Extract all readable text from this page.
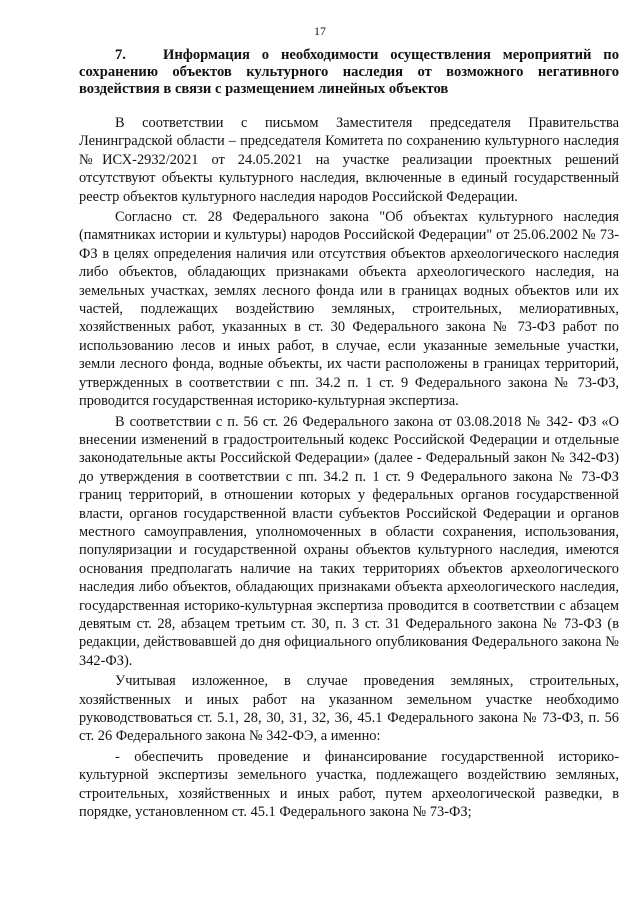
17
7.	Информация о необходимости осуществления мероприятий по сохранению объектов культурного наследия от возможного негативного воздействия в связи с размещением линейных объектов

В соответствии с письмом Заместителя председателя Правительства Ленинградской области – председателя Комитета по сохранению культурного наследия №ИСХ-2932/2021 от 24.05.2021 на участке реализации проектных решений отсутствуют объекты культурного наследия, включенные в единый государственный реестр объектов культурного наследия народов Российской Федерации.

Согласно ст. 28 Федерального закона "Об объектах культурного наследия (памятниках истории и культуры) народов Российской Федерации" от 25.06.2002 № 73-ФЗ в целях определения наличия или отсутствия объектов археологического наследия либо объектов, обладающих признаками объекта археологического наследия, на земельных участках, землях лесного фонда или в границах водных объектов или их частей, подлежащих воздействию земляных, строительных, мелиоративных, хозяйственных работ, указанных в ст. 30 Федерального закона № 73-ФЗ работ по использованию лесов и иных работ, в случае, если указанные земельные участки, земли лесного фонда, водные объекты, их части расположены в границах территорий, утвержденных в соответствии с пп. 34.2 п. 1 ст. 9 Федерального закона № 73-ФЗ, проводится государственная историко-культурная экспертиза.

В соответствии с п. 56 ст. 26 Федерального закона от 03.08.2018 № 342- ФЗ «О внесении изменений в градостроительный кодекс Российской Федерации и отдельные законодательные акты Российской Федерации» (далее - Федеральный закон № 342-ФЗ) до утверждения в соответствии с пп. 34.2 п. 1 ст. 9 Федерального закона № 73-ФЗ границ территорий, в отношении которых у федеральных органов государственной власти, органов государственной власти субъектов Российской Федерации и органов местного самоуправления, уполномоченных в области сохранения, использования, популяризации и государственной охраны объектов культурного наследия, имеются основания предполагать наличие на таких территориях объектов археологического наследия либо объектов, обладающих признаками объекта археологического наследия, государственная историко-культурная экспертиза проводится в соответствии с абзацем девятым ст. 28, абзацем третьим ст. 30, п. 3 ст. 31 Федерального закона № 73-ФЗ (в редакции, действовавшей до дня официального опубликования Федерального закона № 342-ФЗ).

Учитывая изложенное, в случае проведения земляных, строительных, хозяйственных и иных работ на указанном земельном участке необходимо руководствоваться ст. 5.1, 28, 30, 31, 32, 36, 45.1 Федерального закона № 73-ФЗ, п. 56 ст. 26 Федерального закона № 342-ФЭ, а именно:

- обеспечить проведение и финансирование государственной историко-культурной экспертизы земельного участка, подлежащего воздействию земляных, строительных, хозяйственных и иных работ, путем археологической разведки, в порядке, установленном ст. 45.1 Федерального закона № 73-ФЗ;
